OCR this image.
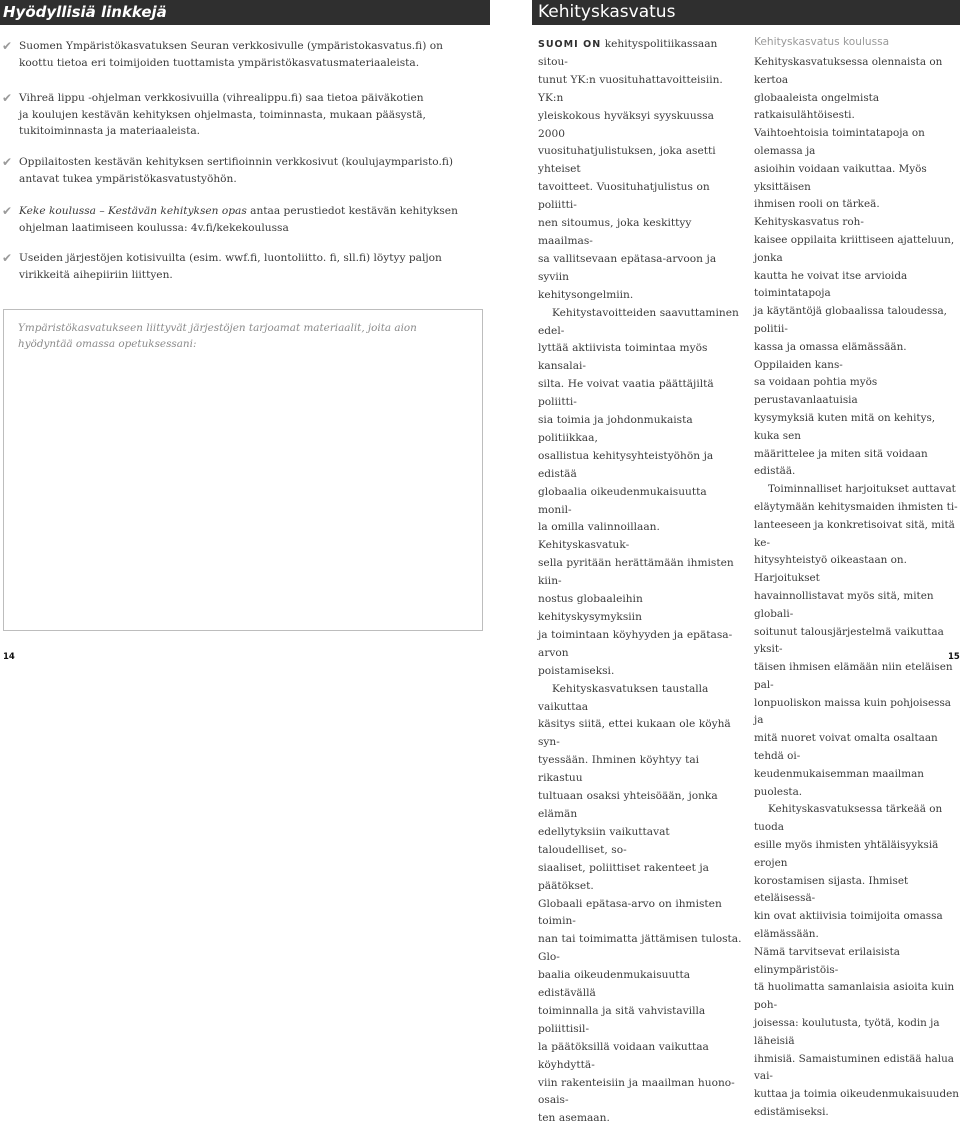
Hyödyllisiä linkkejä
✔ Suomen Ympäristökasvatuksen Seuran verkkosivulle (ympäristokasvatus.fi) on
koottu tietoa eri toimijoiden tuottamista ympäristökasvatusmateriaaleista.
✔ Vihreä lippu -ohjelman verkkosivuilla (vihrealippu.fi) saa tietoa päiväkotien
ja koulujen kestävän kehityksen ohjelmasta, toiminnasta, mukaan pääsystä,
tukitoiminnasta ja materiaaleista.
✔ Oppilaitosten kestävän kehityksen sertifioinnin verkkosivut (koulujaymparisto.fi)
antavat tukea ympäristökasvatustyöhön.
✔ Keke koulussa – Kestävän kehityksen opas antaa perustiedot kestävän kehityksen
ohjelman laatimiseen koulussa: 4v.fi/kekekoulussa
✔ Useiden järjestöjen kotisivuilta (esim. wwf.fi, luontoliitto. fi, sll.fi) löytyy paljon
virikkeitä aihepiiriin liittyen.
Ympäristökasvatukseen liittyvät järjestöjen tarjoamat materiaalit, joita aion
hyödyntää omassa opetuksessani:
14
Kehityskasvatus

SUOMI ON kehityspolitiikassaan sitou-
tunut YK:n vuosituhattavoitteisiin. YK:n
yleiskokous hyväksyi syyskuussa 2000
vuosituhatjulistuksen, joka asetti yhteiset
tavoitteet. Vuosituhatjulistus on poliitti-
nen sitoumus, joka keskittyy maailmas-
sa vallitsevaan epätasa-arvoon ja syviin
kehitysongelmiin.

Kehitystavoitteiden saavuttaminen edel-
lyttää aktiivista toimintaa myös kansalai-
silta. He voivat vaatia päättäjiltä poliitti-
sia toimia ja johdonmukaista politiikkaa,
osallistua kehitysyhteistyöhön ja edistää
globaalia oikeudenmukaisuutta monil-
la omilla valinnoillaan. Kehityskasvatuk-
sella pyritään herättämään ihmisten kiin-
nostus globaaleihin kehityskysymyksiin
ja toimintaan köyhyyden ja epätasa-arvon
poistamiseksi.

Kehityskasvatuksen taustalla vaikuttaa
käsitys siitä, ettei kukaan ole köyhä syn-
tyessään. Ihminen köyhtyy tai rikastuu
tultuaan osaksi yhteisöään, jonka elämän
edellytyksiin vaikuttavat taloudelliset, so-
siaaliset, poliittiset rakenteet ja päätökset.
Globaali epätasa-arvo on ihmisten toimin-
nan tai toimimatta jättämisen tulosta. Glo-
baalia oikeudenmukaisuutta edistävällä
toiminnalla ja sitä vahvistavilla poliittisil-
la päätöksillä voidaan vaikuttaa köyhdyttä-
viin rakenteisiin ja maailman huono-osais-
ten asemaan.

Kehityskasvatus koulussa

Kehityskasvatuksessa olennaista on kertoa
globaaleista ongelmista ratkaisulähtöisesti.
Vaihtoehtoisia toimintatapoja on olemassa ja
asioihin voidaan vaikuttaa. Myös yksittäisen
ihmisen rooli on tärkeä. Kehityskasvatus roh-
kaisee oppilaita kriittiseen ajatteluun, jonka
kautta he voivat itse arvioida toimintatapoja
ja käytäntöjä globaalissa taloudessa, politii-
kassa ja omassa elämässään. Oppilaiden kans-
sa voidaan pohtia myös perustavanlaatuisia
kysymyksiä kuten mitä on kehitys, kuka sen
määrittelee ja miten sitä voidaan edistää.

Toiminnalliset harjoitukset auttavat
eläytymään kehitysmaiden ihmisten ti-
lanteeseen ja konkretisoivat sitä, mitä ke-
hitysyhteistyö oikeastaan on. Harjoitukset
havainnollistavat myös sitä, miten globali-
soitunut talousjärjestelmä vaikuttaa yksit-
täisen ihmisen elämään niin eteläisen pal-
lonpuoliskon maissa kuin pohjoisessa ja
mitä nuoret voivat omalta osaltaan tehdä oi-
keudenmukaisemman maailman puolesta.

Kehityskasvatuksessa tärkeää on tuoda
esille myös ihmisten yhtäläisyyksiä erojen
korostamisen sijasta. Ihmiset eteläisessä-
kin ovat aktiivisia toimijoita omassa elämässään.
Nämä tarvitsevat erilaisista elinympäristöis-
tä huolimatta samanlaisia asioita kuin poh-
joisessa: koulutusta, työtä, kodin ja läheisiä
ihmisiä. Samaistuminen edistää halua vai-
kuttaa ja toimia oikeudenmukaisuuden
edistämiseksi.

15
